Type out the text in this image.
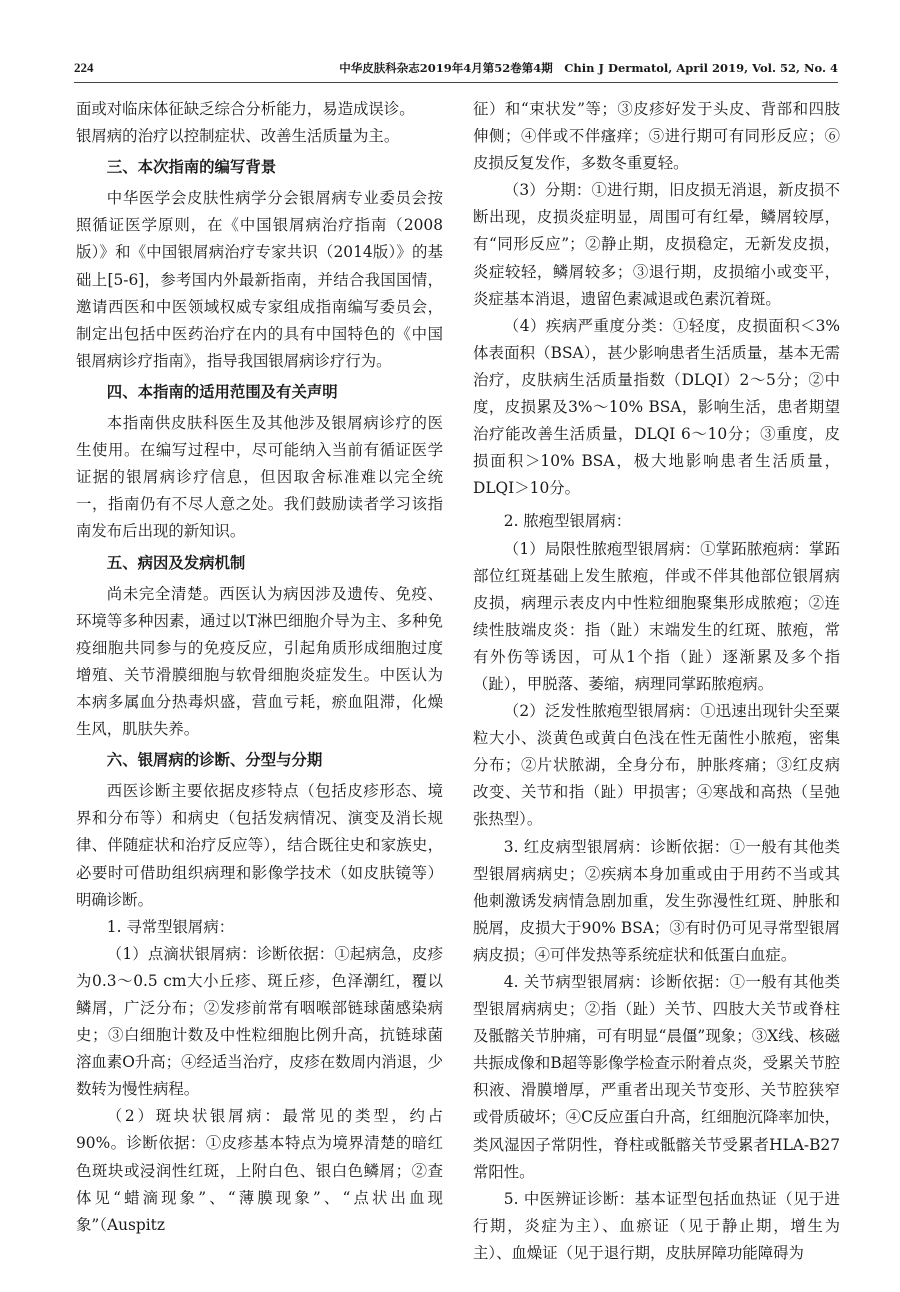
224	中华皮肤科杂志2019年4月第52卷第4期　Chin J Dermatol, April 2019, Vol. 52, No. 4

面或对临床体征缺乏综合分析能力，易造成误诊。

银屑病的治疗以控制症状、改善生活质量为主。

三、本次指南的编写背景

中华医学会皮肤性病学分会银屑病专业委员会按照循证医学原则，在《中国银屑病治疗指南（2008版）》和《中国银屑病治疗专家共识（2014版）》的基础上[5-6]，参考国内外最新指南，并结合我国国情，邀请西医和中医领域权威专家组成指南编写委员会，制定出包括中医药治疗在内的具有中国特色的《中国银屑病诊疗指南》，指导我国银屑病诊疗行为。

四、本指南的适用范围及有关声明

本指南供皮肤科医生及其他涉及银屑病诊疗的医生使用。在编写过程中，尽可能纳入当前有循证医学证据的银屑病诊疗信息，但因取舍标准难以完全统一，指南仍有不尽人意之处。我们鼓励读者学习该指南发布后出现的新知识。

五、病因及发病机制

尚未完全清楚。西医认为病因涉及遗传、免疫、环境等多种因素，通过以T淋巴细胞介导为主、多种免疫细胞共同参与的免疫反应，引起角质形成细胞过度增殖、关节滑膜细胞与软骨细胞炎症发生。中医认为本病多属血分热毒炽盛，营血亏耗，瘀血阻滞，化燥生风，肌肤失养。

六、银屑病的诊断、分型与分期

西医诊断主要依据皮疹特点（包括皮疹形态、境界和分布等）和病史（包括发病情况、演变及消长规律、伴随症状和治疗反应等），结合既往史和家族史，必要时可借助组织病理和影像学技术（如皮肤镜等）明确诊断。

1. 寻常型银屑病：

（1）点滴状银屑病：诊断依据：①起病急，皮疹为0.3～0.5 cm大小丘疹、斑丘疹，色泽潮红，覆以鳞屑，广泛分布；②发疹前常有咽喉部链球菌感染病史；③白细胞计数及中性粒细胞比例升高，抗链球菌溶血素O升高；④经适当治疗，皮疹在数周内消退，少数转为慢性病程。

（2）斑块状银屑病：最常见的类型，约占90%。诊断依据：①皮疹基本特点为境界清楚的暗红色斑块或浸润性红斑，上附白色、银白色鳞屑；②查体见“蜡滴现象”、“薄膜现象”、“点状出血现象”（Auspitz

征）和“束状发”等；③皮疹好发于头皮、背部和四肢伸侧；④伴或不伴瘙痒；⑤进行期可有同形反应；⑥皮损反复发作，多数冬重夏轻。

（3）分期：①进行期，旧皮损无消退，新皮损不断出现，皮损炎症明显，周围可有红晕，鳞屑较厚，有“同形反应”；②静止期，皮损稳定，无新发皮损，炎症较轻，鳞屑较多；③退行期，皮损缩小或变平，炎症基本消退，遗留色素减退或色素沉着斑。

（4）疾病严重度分类：①轻度，皮损面积＜3%体表面积（BSA），甚少影响患者生活质量，基本无需治疗，皮肤病生活质量指数（DLQI）2～5分；②中度，皮损累及3%～10% BSA，影响生活，患者期望治疗能改善生活质量，DLQI 6～10分；③重度，皮损面积＞10% BSA，极大地影响患者生活质量，DLQI＞10分。

2. 脓疱型银屑病：

（1）局限性脓疱型银屑病：①掌跖脓疱病：掌跖部位红斑基础上发生脓疱，伴或不伴其他部位银屑病皮损，病理示表皮内中性粒细胞聚集形成脓疱；②连续性肢端皮炎：指（趾）末端发生的红斑、脓疱，常有外伤等诱因，可从1个指（趾）逐渐累及多个指（趾），甲脱落、萎缩，病理同掌跖脓疱病。

（2）泛发性脓疱型银屑病：①迅速出现针尖至粟粒大小、淡黄色或黄白色浅在性无菌性小脓疱，密集分布；②片状脓湖，全身分布，肿胀疼痛；③红皮病改变、关节和指（趾）甲损害；④寒战和高热（呈弛张热型）。

3. 红皮病型银屑病：诊断依据：①一般有其他类型银屑病病史；②疾病本身加重或由于用药不当或其他刺激诱发病情急剧加重，发生弥漫性红斑、肿胀和脱屑，皮损大于90% BSA；③有时仍可见寻常型银屑病皮损；④可伴发热等系统症状和低蛋白血症。

4. 关节病型银屑病：诊断依据：①一般有其他类型银屑病病史；②指（趾）关节、四肢大关节或脊柱及骶髂关节肿痛，可有明显“晨僵”现象；③X线、核磁共振成像和B超等影像学检查示附着点炎，受累关节腔积液、滑膜增厚，严重者出现关节变形、关节腔狭窄或骨质破坏；④C反应蛋白升高，红细胞沉降率加快，类风湿因子常阴性，脊柱或骶髂关节受累者HLA-B27常阳性。

5. 中医辨证诊断：基本证型包括血热证（见于进行期，炎症为主）、血瘀证（见于静止期，增生为主）、血燥证（见于退行期，皮肤屏障功能障碍为
